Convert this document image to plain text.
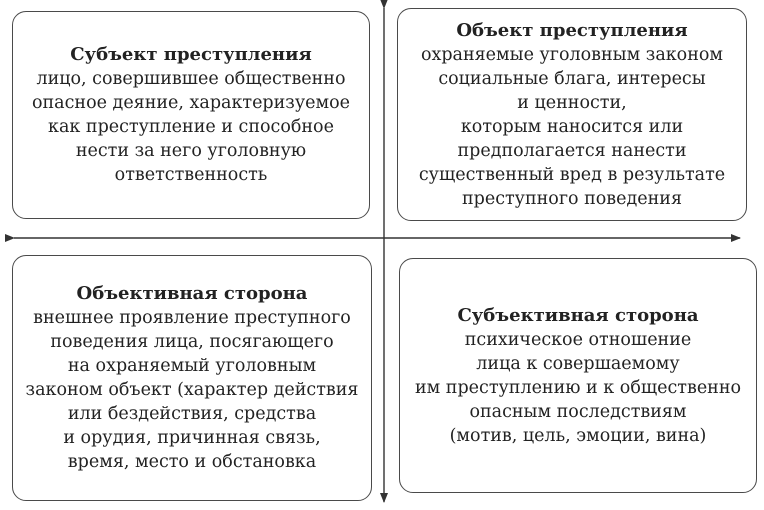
Субъект преступления
лицо, совершившее общественно
опасное деяние, характеризуемое
как преступление и способное
нести за него уголовную
ответственность
Объект преступления
охраняемые уголовным законом
социальные блага, интересы
и ценности,
которым наносится или
предполагается нанести
существенный вред в результате
преступного поведения
Объективная сторона
внешнее проявление преступного
поведения лица, посягающего
на охраняемый уголовным
законом объект (характер действия
или бездействия, средства
и орудия, причинная связь,
время, место и обстановка
Субъективная сторона
психическое отношение
лица к совершаемому
им преступлению и к общественно
опасным последствиям
(мотив, цель, эмоции, вина)
